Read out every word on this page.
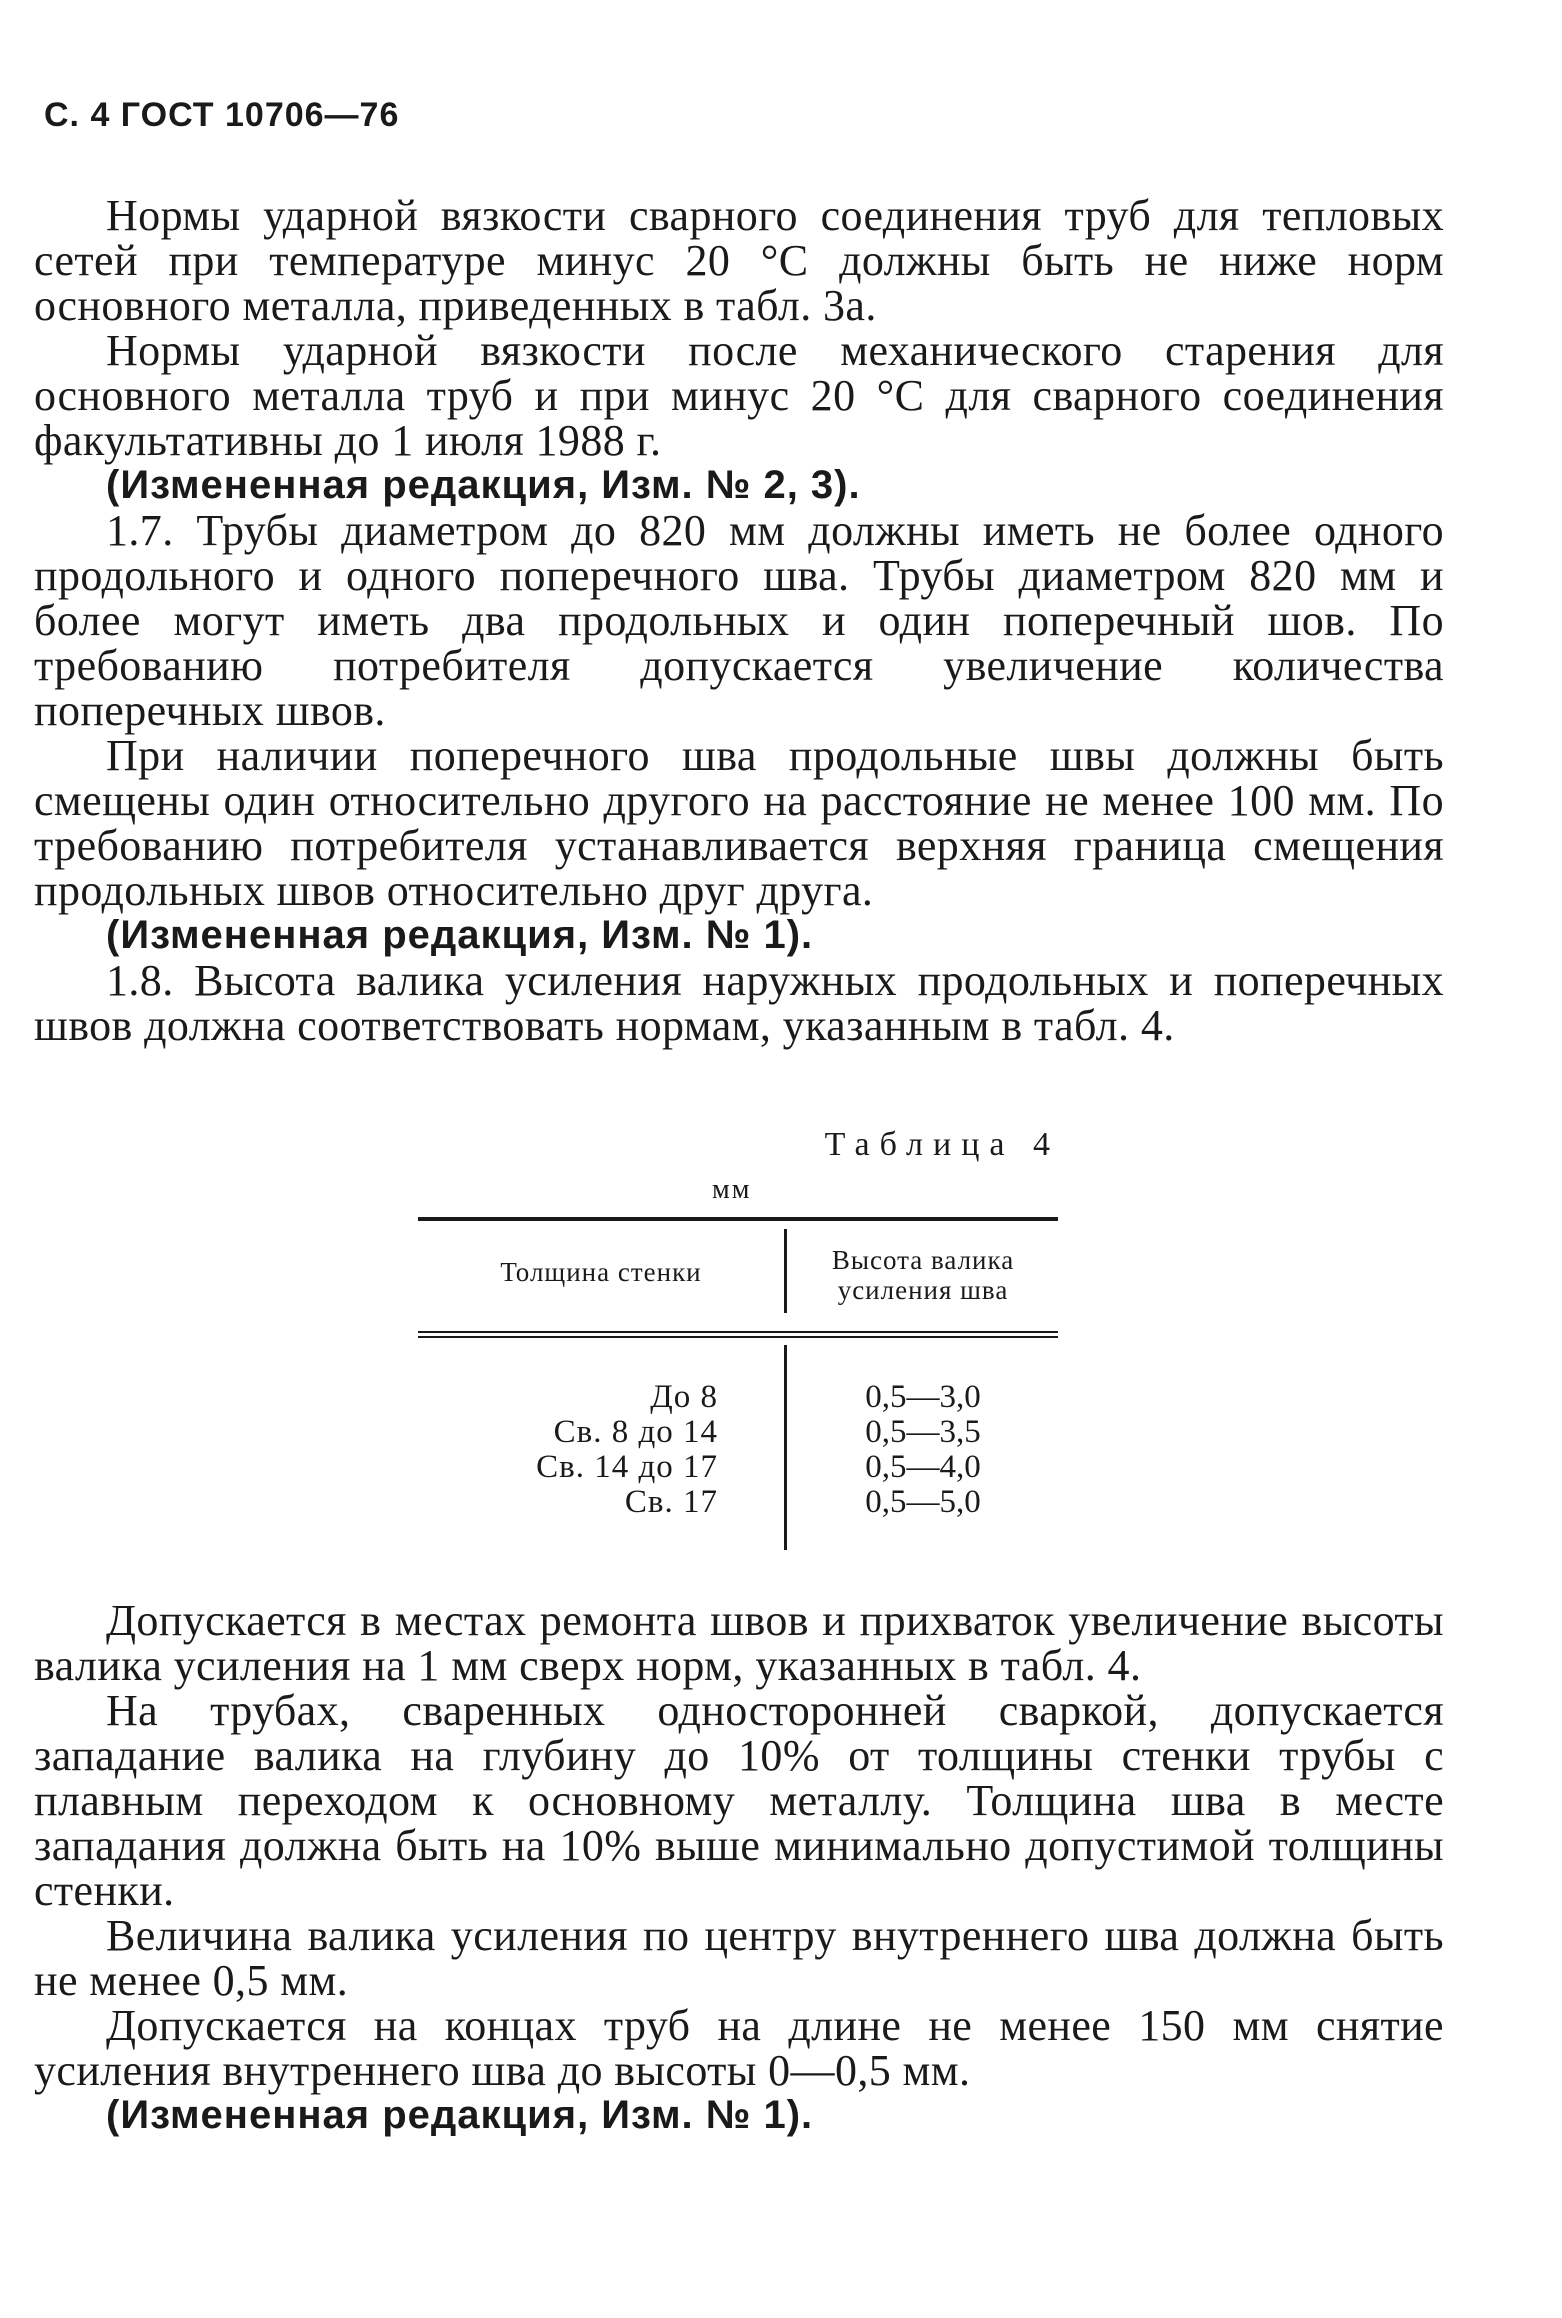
С. 4 ГОСТ 10706—76

Нормы ударной вязкости сварного соединения труб для тепловых сетей при температуре минус 20 °С должны быть не ниже норм основного металла, приведенных в табл. 3а.

Нормы ударной вязкости после механического старения для основного металла труб и при минус 20 °С для сварного соединения факультативны до 1 июля 1988 г.

(Измененная редакция, Изм. № 2, 3).

1.7. Трубы диаметром до 820 мм должны иметь не более одного продольного и одного поперечного шва. Трубы диаметром 820 мм и более могут иметь два продольных и один поперечный шов. По требованию потребителя допускается увеличение количества поперечных швов.

При наличии поперечного шва продольные швы должны быть смещены один относительно другого на расстояние не менее 100 мм. По требованию потребителя устанавливается верхняя граница смещения продольных швов относительно друг друга.

(Измененная редакция, Изм. № 1).

1.8. Высота валика усиления наружных продольных и поперечных швов должна соответствовать нормам, указанным в табл. 4.

Таблица 4
мм
Толщина стенки	Высота валика усиления шва
До 8	0,5—3,0
Св. 8 до 14	0,5—3,5
Св. 14 до 17	0,5—4,0
Св. 17	0,5—5,0

Допускается в местах ремонта швов и прихваток увеличение высоты валика усиления на 1 мм сверх норм, указанных в табл. 4.

На трубах, сваренных односторонней сваркой, допускается западание валика на глубину до 10% от толщины стенки трубы с плавным переходом к основному металлу. Толщина шва в месте западания должна быть на 10% выше минимально допустимой толщины стенки.

Величина валика усиления по центру внутреннего шва должна быть не менее 0,5 мм.

Допускается на концах труб на длине не менее 150 мм снятие усиления внутреннего шва до высоты 0—0,5 мм.

(Измененная редакция, Изм. № 1).
